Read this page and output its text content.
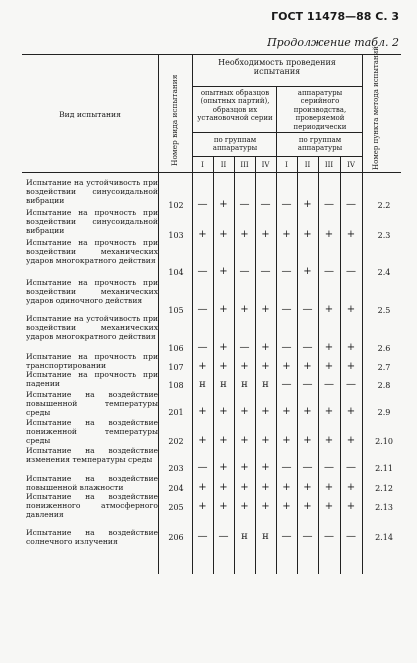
ГОСТ 11478—88 С. 3
Продолжение табл. 2
Вид испытания	Номер вида испытания
Необходимость проведения испытания
опытных образцов (опытных партий), образцов их установочной серии
аппаратуры серийного производства, проверяемой периодически
по группам аппаратуры
по группам аппаратуры	Номер пункта метода испытаний
I	II	III	IV	I	II	III	IV
Испытание на устойчивость при воздействии синусоидальной вибрации
102	— + — — — + — —	2.2
Испытание на прочность при воздействии синусоидальной вибрации
103	+ + + + + + + +	2.3
Испытание на прочность при воздействии механических ударов многократного действия
104	— + — — — + — —	2.4
Испытание на прочность при воздействии механических ударов одиночного действия
105	— + + + — — + +	2.5
Испытание на устойчивость при воздействии механических ударов многократного действия
106	— + — + — — + +	2.6
Испытание на прочность при транспортировании	107	+ + + + + + + +	2.7
Испытание на прочность при падении	108	н	н	н	н	— — — —	2.8
Испытание на воздействие повышенной температуры среды	201	+ + + + + + + +	2.9
Испытание на воздействие пониженной температуры среды	202	+ + + + + + + +	2.10
Испытание на воздействие изменения температуры среды
203	— + + + — — — —	2.11
Испытание на воздействие повышенной влажности	204	+ + + + + + + +	2.12
Испытание на воздействие пониженного атмосферного давления
205	+ + + + + + + +	2.13
Испытание на воздействие солнечного излучения	206	— —	н	н	— — — —	2.14
